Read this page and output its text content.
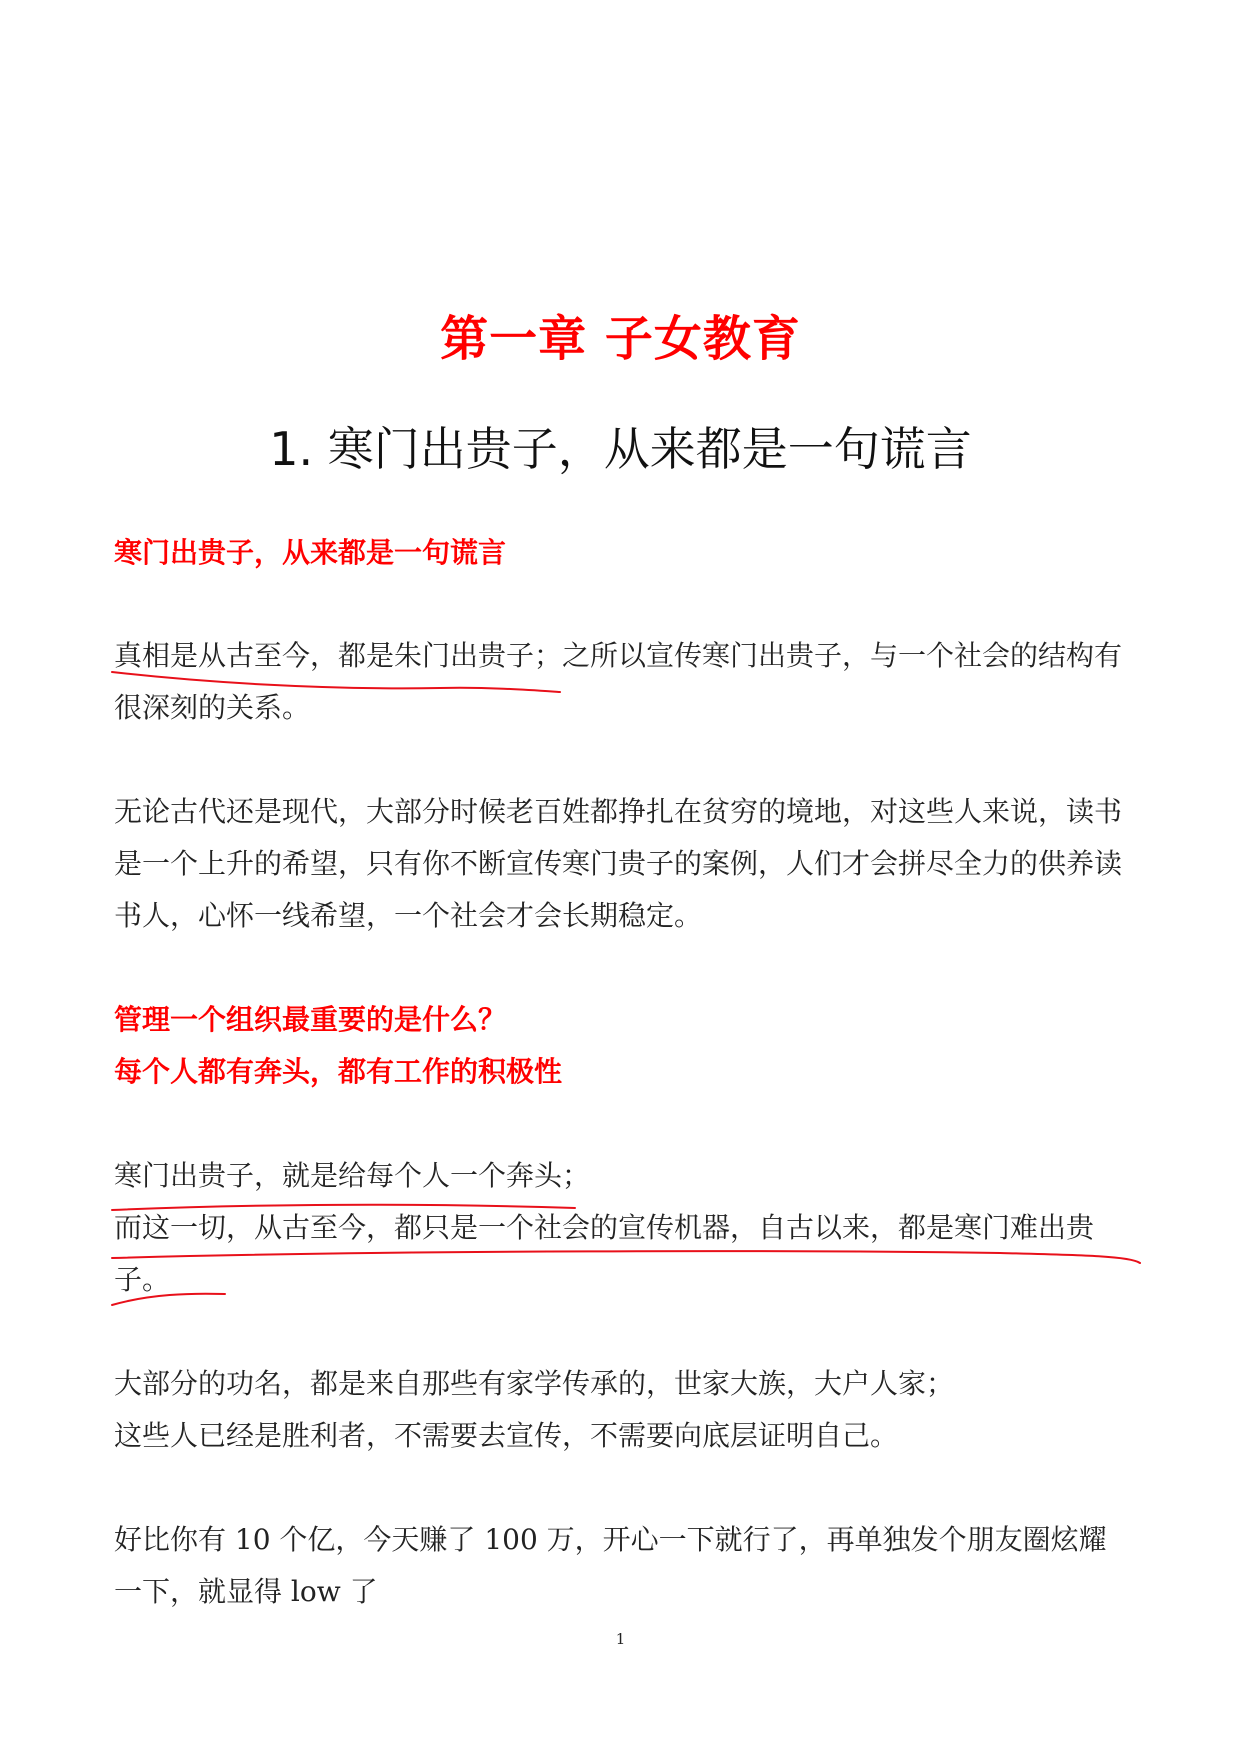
第一章 子女教育
1. 寒门出贵子，从来都是一句谎言

寒门出贵子，从来都是一句谎言

真相是从古至今，都是朱门出贵子；之所以宣传寒门出贵子，与一个社会的结构有很深刻的关系。

无论古代还是现代，大部分时候老百姓都挣扎在贫穷的境地，对这些人来说，读书是一个上升的希望，只有你不断宣传寒门贵子的案例，人们才会拼尽全力的供养读书人，心怀一线希望，一个社会才会长期稳定。

管理一个组织最重要的是什么？

每个人都有奔头，都有工作的积极性

寒门出贵子，就是给每个人一个奔头；

而这一切，从古至今，都只是一个社会的宣传机器，自古以来，都是寒门难出贵子。

大部分的功名，都是来自那些有家学传承的，世家大族，大户人家；

这些人已经是胜利者，不需要去宣传，不需要向底层证明自己。

好比你有 10 个亿，今天赚了 100 万，开心一下就行了，再单独发个朋友圈炫耀一下，就显得 low 了

1
